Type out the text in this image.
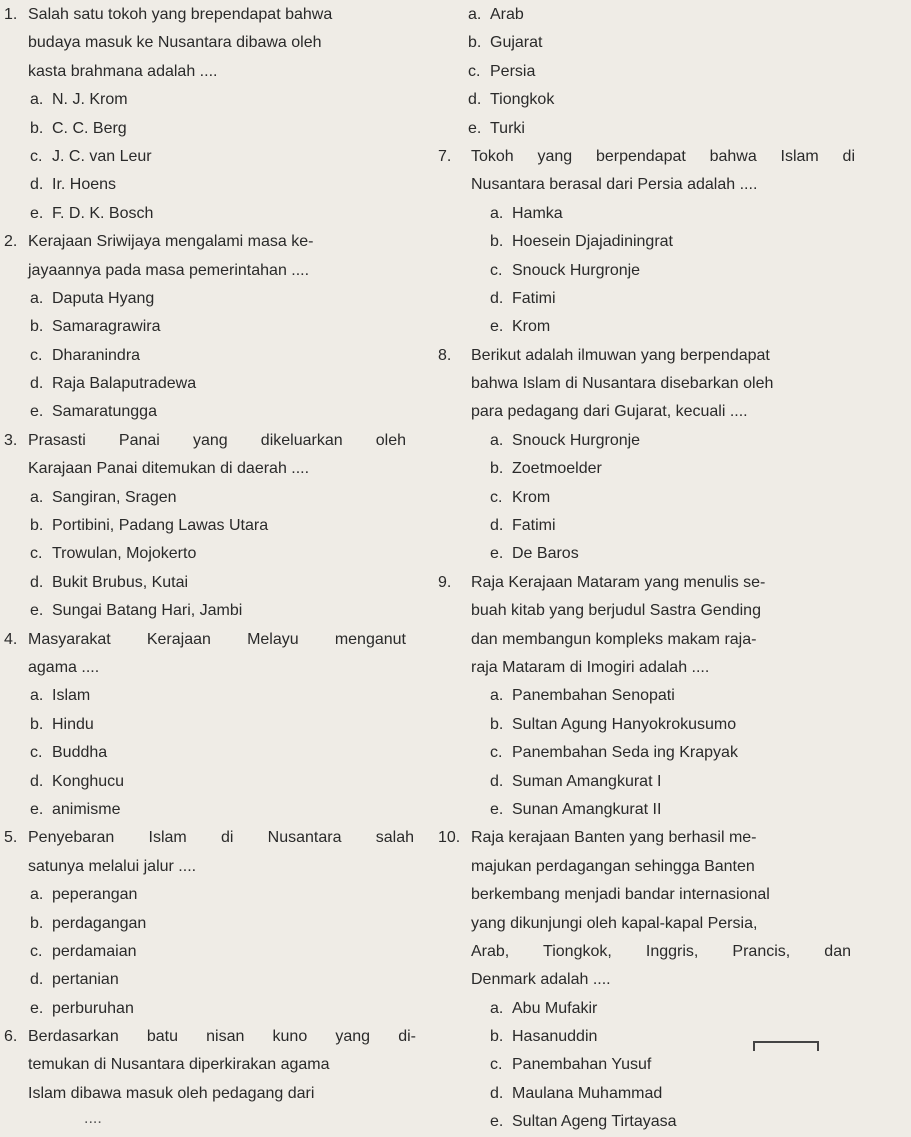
1. Salah satu tokoh yang brependapat bahwa
budaya masuk ke Nusantara dibawa oleh
kasta brahmana adalah ....
a. N. J. Krom
b. C. C. Berg
c. J. C. van Leur
d. Ir. Hoens
e. F. D. K. Bosch
2. Kerajaan Sriwijaya mengalami masa ke-
jayaannya pada masa pemerintahan ....
a. Daputa Hyang
b. Samaragrawira
c. Dharanindra
d. Raja Balaputradewa
e. Samaratungga
3. Prasasti Panai yang dikeluarkan oleh
Karajaan Panai ditemukan di daerah ....
a. Sangiran, Sragen
b. Portibini, Padang Lawas Utara
c. Trowulan, Mojokerto
d. Bukit Brubus, Kutai
e. Sungai Batang Hari, Jambi
4. Masyarakat Kerajaan Melayu menganut
agama ....
a. Islam
b. Hindu
c. Buddha
d. Konghucu
e. animisme
5. Penyebaran Islam di Nusantara salah
satunya melalui jalur ....
a. peperangan
b. perdagangan
c. perdamaian
d. pertanian
e. perburuhan
6. Berdasarkan batu nisan kuno yang di-
temukan di Nusantara diperkirakan agama
Islam dibawa masuk oleh pedagang dari
....
a. Arab
b. Gujarat
c. Persia
d. Tiongkok
e. Turki
7.	Tokoh yang berpendapat bahwa Islam di
Nusantara berasal dari Persia adalah ....
a. Hamka
b. Hoesein Djajadiningrat
c. Snouck Hurgronje
d. Fatimi
e. Krom
8. Berikut adalah ilmuwan yang berpendapat
bahwa Islam di Nusantara disebarkan oleh
para pedagang dari Gujarat, kecuali ....
a. Snouck Hurgronje
b. Zoetmoelder
c. Krom
d. Fatimi
e. De Baros
9. Raja Kerajaan Mataram yang menulis se-
buah kitab yang berjudul Sastra Gending
dan membangun kompleks makam raja-
raja Mataram di Imogiri adalah ....
a. Panembahan Senopati
b. Sultan Agung Hanyokrokusumo
c. Panembahan Seda ing Krapyak
d. Suman Amangkurat I
e. Sunan Amangkurat II
10. Raja kerajaan Banten yang berhasil me-
majukan perdagangan sehingga Banten
berkembang menjadi bandar internasional
yang dikunjungi oleh kapal-kapal Persia,
Arab, Tiongkok, Inggris, Prancis, dan
Denmark adalah ....
a. Abu Mufakir
b. Hasanuddin
c. Panembahan Yusuf
d. Maulana Muhammad
e. Sultan Ageng Tirtayasa
